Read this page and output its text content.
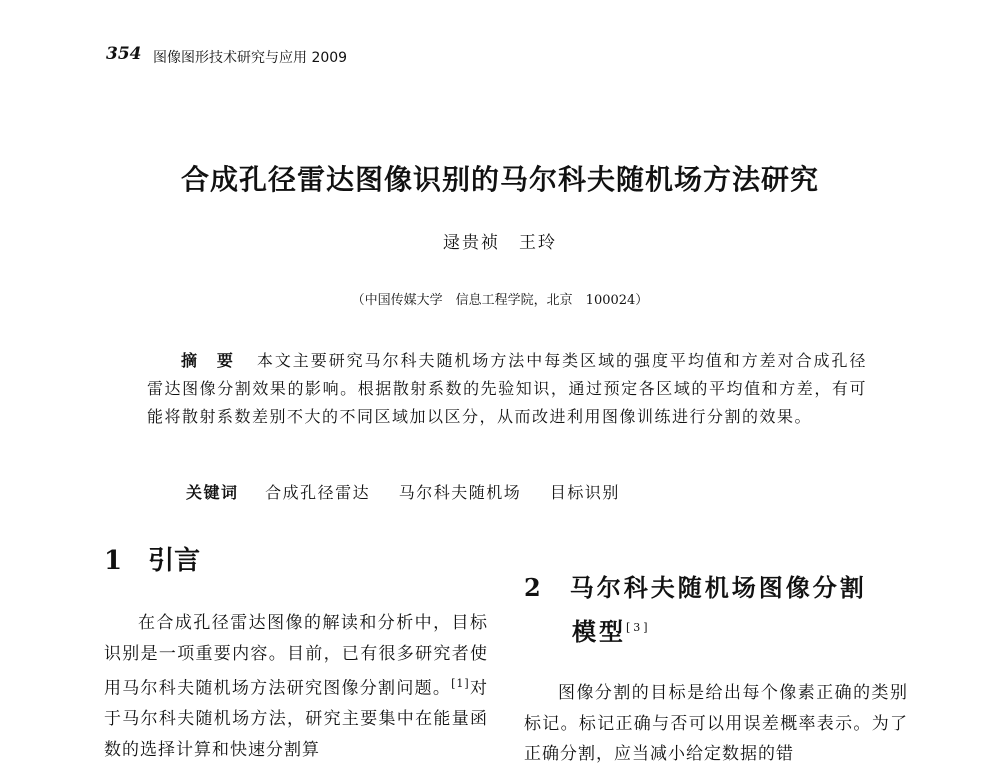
354 图像图形技术研究与应用 2009
合成孔径雷达图像识别的马尔科夫随机场方法研究
逯贵祯　王玲
（中国传媒大学　信息工程学院，北京　100024）
摘　要 本文主要研究马尔科夫随机场方法中每类区域的强度平均值和方差对合成孔径雷达图像分割效果的影响。根据散射系数的先验知识，通过预定各区域的平均值和方差，有可能将散射系数差别不大的不同区域加以区分，从而改进利用图像训练进行分割的效果。
关键词 合成孔径雷达 马尔科夫随机场 目标识别
1 引言
在合成孔径雷达图像的解读和分析中，目标识别是一项重要内容。目前，已有很多研究者使用马尔科夫随机场方法研究图像分割问题。[1]对于马尔科夫随机场方法，研究主要集中在能量函数的选择计算和快速分割算
2 马尔科夫随机场图像分割
模型[3]
图像分割的目标是给出每个像素正确的类别标记。标记正确与否可以用误差概率表示。为了正确分割，应当减小给定数据的错
